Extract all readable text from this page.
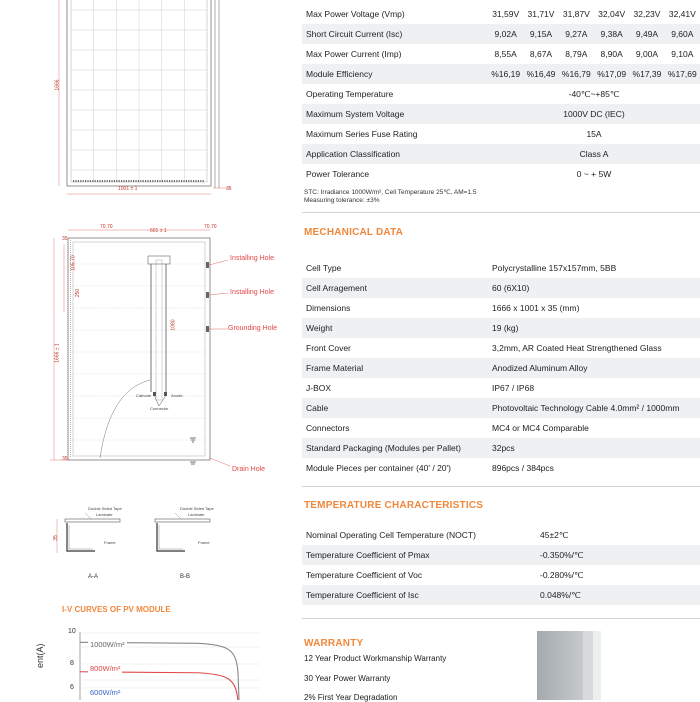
1666
1001 ± 1	35
70.70
601 ± 1
70.70
35
105.70
250
1666 ± 1
1080
Cathode	Anode
Connector
35
Installing Hole
Installing Hole
Grounding Hole
Drain Hole
Double Sided Tape
Laminate
Frame
Double Sided Tape
Laminate
Frame
35
A-A	B-B
I-V CURVES OF PV MODULE
ent(A)
10
8
6
1000W/m²
800W/m²
600W/m²
Max Power Voltage (Vmp)	31,59V	31,71V	31,87V	32,04V	32,23V	32,41V
Short Circuit Current (Isc)	9,02A	9,15A	9,27A	9,38A	9,49A	9,60A
Max Power Current (Imp)	8,55A	8,67A	8,79A	8,90A	9,00A	9,10A
Module Efficiency	%16,19	%16,49	%16,79	%17,09	%17,39	%17,69
Operating Temperature	-40℃~+85℃					
Maximum System Voltage	1000V DC (IEC)					
Maximum Series Fuse Rating	15A					
Application Classification	Class A					
Power Tolerance	0 ~ + 5W					
STC: Irradiance 1000W/m², Cell Temperature 25℃, AM=1.5
Measuring tolerance: ±3%
MECHANICAL DATA
Cell Type	Polycrystalline 157x157mm, 5BB
Cell Arragement	60 (6X10)
Dimensions	1666 x 1001 x 35 (mm)
Weight	19 (kg)
Front Cover	3,2mm, AR Coated Heat Strengthened Glass
Frame Material	Anodized Aluminum Alloy
J-BOX	IP67 / IP68
Cable	Photovoltaic Technology Cable 4.0mm² / 1000mm
Connectors	MC4 or MC4 Comparable
Standard Packaging (Modules per Pallet)	32pcs
Module Pieces per container (40' / 20')	896pcs / 384pcs
TEMPERATURE CHARACTERISTICS
Nominal Operating Cell Temperature (NOCT)	45±2℃
Temperature Coefficient of Pmax	-0.350%/℃
Temperature Coefficient of Voc	-0.280%/℃
Temperature Coefficient of Isc	0.048%/℃
WARRANTY
12 Year Product Workmanship Warranty
30 Year Power Warranty
2% First Year Degradation
